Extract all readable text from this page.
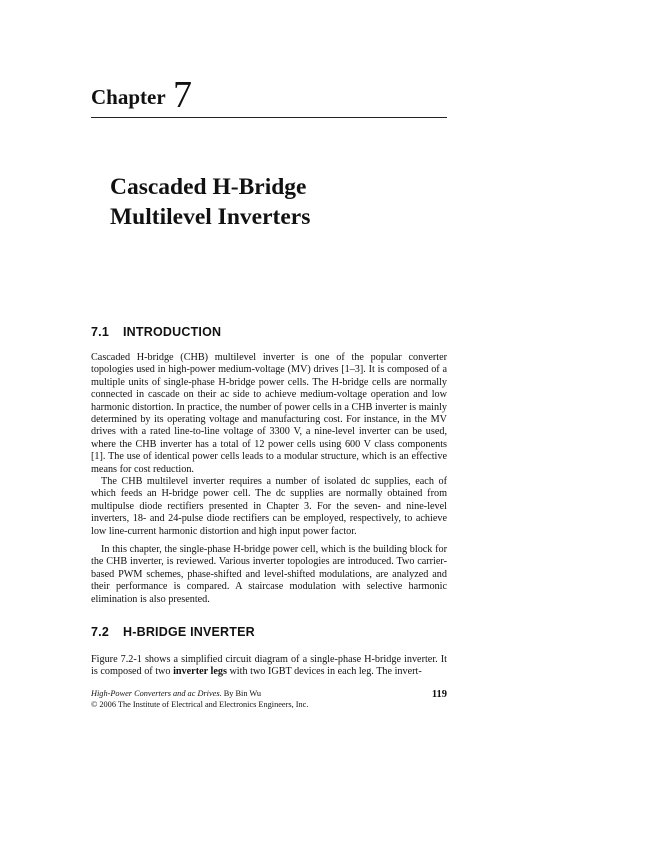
Chapter 7
Cascaded H-Bridge
Multilevel Inverters
7.1 INTRODUCTION

Cascaded H-bridge (CHB) multilevel inverter is one of the popular converter topologies used in high-power medium-voltage (MV) drives [1–3]. It is composed of a multiple units of single-phase H-bridge power cells. The H-bridge cells are normally connected in cascade on their ac side to achieve medium-voltage operation and low harmonic distortion. In practice, the number of power cells in a CHB inverter is mainly determined by its operating voltage and manufacturing cost. For instance, in the MV drives with a rated line-to-line voltage of 3300 V, a nine-level inverter can be used, where the CHB inverter has a total of 12 power cells using 600 V class components [1]. The use of identical power cells leads to a modular structure, which is an effective means for cost reduction.

The CHB multilevel inverter requires a number of isolated dc supplies, each of which feeds an H-bridge power cell. The dc supplies are normally obtained from multipulse diode rectifiers presented in Chapter 3. For the seven- and nine-level inverters, 18- and 24-pulse diode rectifiers can be employed, respectively, to achieve low line-current harmonic distortion and high input power factor.

In this chapter, the single-phase H-bridge power cell, which is the building block for the CHB inverter, is reviewed. Various inverter topologies are introduced. Two carrier-based PWM schemes, phase-shifted and level-shifted modulations, are analyzed and their performance is compared. A staircase modulation with selective harmonic elimination is also presented.

7.2 H-BRIDGE INVERTER

Figure 7.2-1 shows a simplified circuit diagram of a single-phase H-bridge inverter. It is composed of two inverter legs with two IGBT devices in each leg. The invert-

High-Power Converters and ac Drives. By Bin Wu
© 2006 The Institute of Electrical and Electronics Engineers, Inc.
119
